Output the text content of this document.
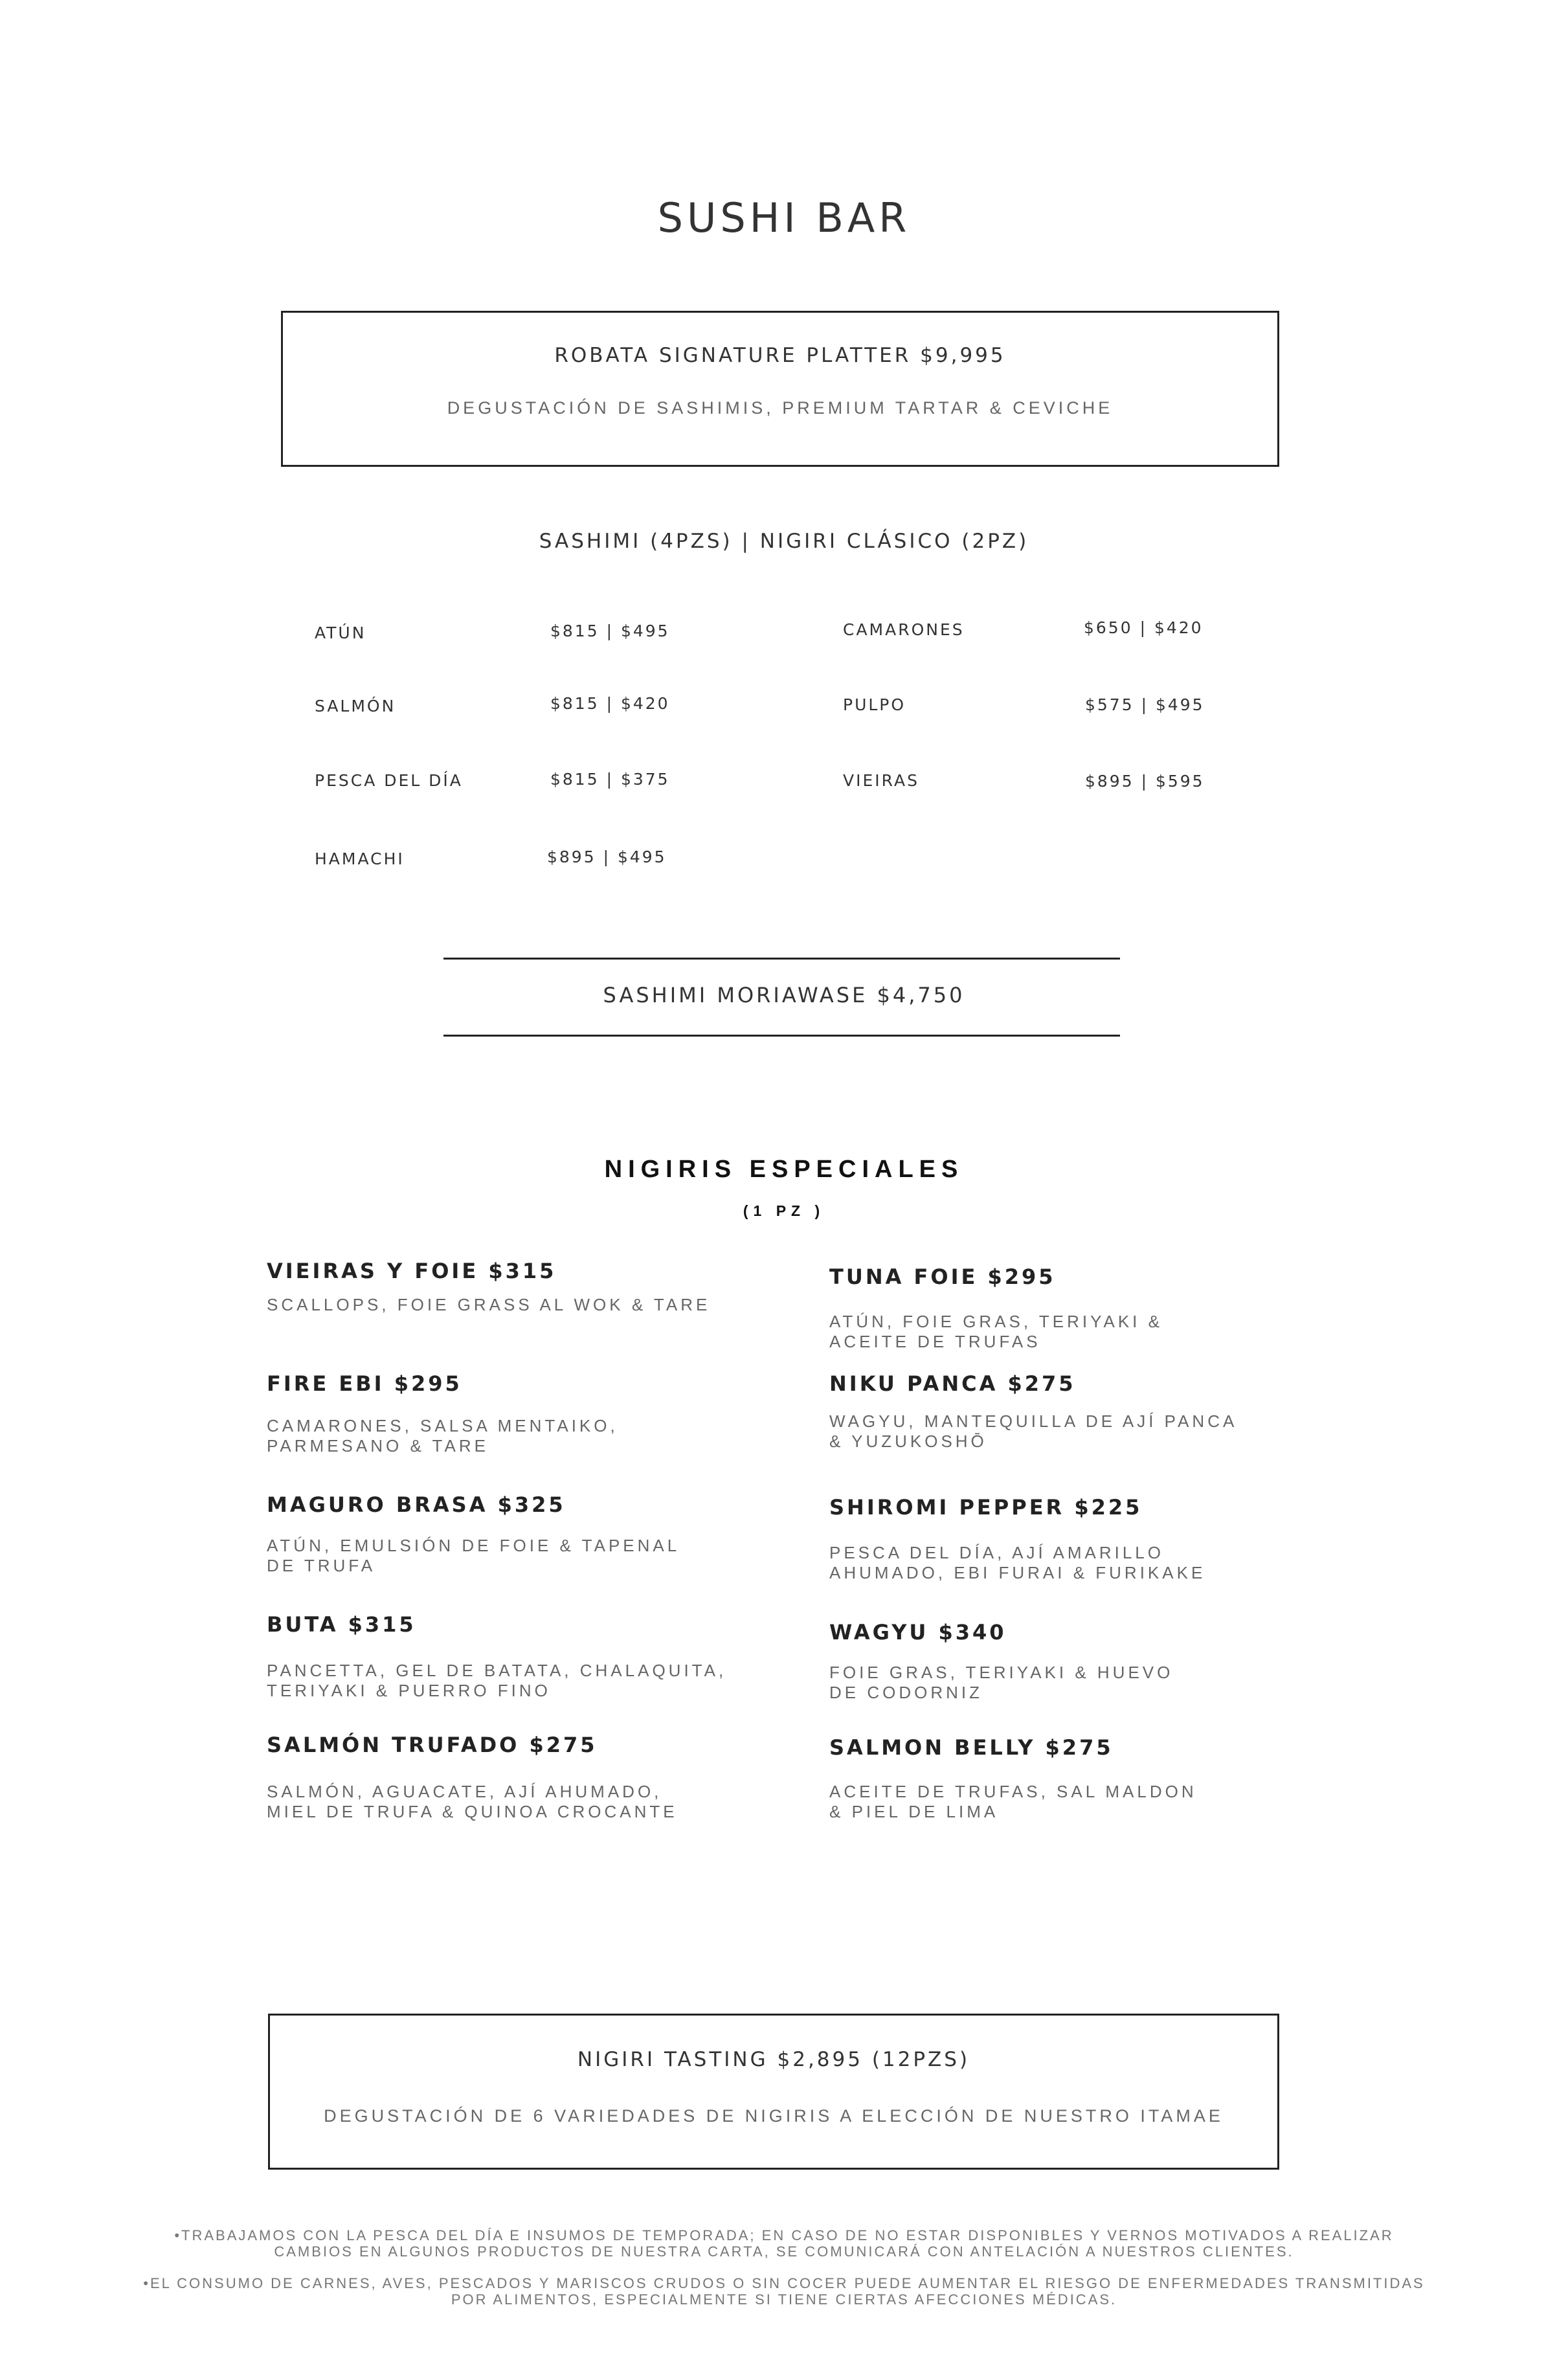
SUSHI BAR
ROBATA SIGNATURE PLATTER $9,995
DEGUSTACIÓN DE SASHIMIS, PREMIUM TARTAR & CEVICHE
SASHIMI (4PZS) | NIGIRI CLÁSICO (2PZ)
ATÚN	$815 | $495
SALMÓN	$815 | $420
PESCA DEL DÍA	$815 | $375
HAMACHI	$895 | $495
CAMARONES	$650 | $420
PULPO	$575 | $495
VIEIRAS	$895 | $595
SASHIMI MORIAWASE $4,750
NIGIRIS ESPECIALES
(1 PZ )
VIEIRAS Y FOIE $315
SCALLOPS, FOIE GRASS AL WOK & TARE
FIRE EBI $295
CAMARONES, SALSA MENTAIKO,
PARMESANO & TARE
MAGURO BRASA $325
ATÚN, EMULSIÓN DE FOIE & TAPENAL
DE TRUFA
BUTA $315
PANCETTA, GEL DE BATATA, CHALAQUITA,
TERIYAKI & PUERRO FINO
SALMÓN TRUFADO $275
SALMÓN, AGUACATE, AJÍ AHUMADO,
MIEL DE TRUFA & QUINOA CROCANTE
TUNA FOIE $295
ATÚN, FOIE GRAS, TERIYAKI &
ACEITE DE TRUFAS
NIKU PANCA $275
WAGYU, MANTEQUILLA DE AJÍ PANCA
& YUZUKOSHŌ
SHIROMI PEPPER $225
PESCA DEL DÍA, AJÍ AMARILLO
AHUMADO, EBI FURAI & FURIKAKE
WAGYU $340
FOIE GRAS, TERIYAKI & HUEVO
DE CODORNIZ
SALMON BELLY $275
ACEITE DE TRUFAS, SAL MALDON
& PIEL DE LIMA
NIGIRI TASTING $2,895 (12PZS)
DEGUSTACIÓN DE 6 VARIEDADES DE NIGIRIS A ELECCIÓN DE NUESTRO ITAMAE
•TRABAJAMOS CON LA PESCA DEL DÍA E INSUMOS DE TEMPORADA; EN CASO DE NO ESTAR DISPONIBLES Y VERNOS MOTIVADOS A REALIZAR
CAMBIOS EN ALGUNOS PRODUCTOS DE NUESTRA CARTA, SE COMUNICARÁ CON ANTELACIÓN A NUESTROS CLIENTES.
•EL CONSUMO DE CARNES, AVES, PESCADOS Y MARISCOS CRUDOS O SIN COCER PUEDE AUMENTAR EL RIESGO DE ENFERMEDADES TRANSMITIDAS
POR ALIMENTOS, ESPECIALMENTE SI TIENE CIERTAS AFECCIONES MÉDICAS.
